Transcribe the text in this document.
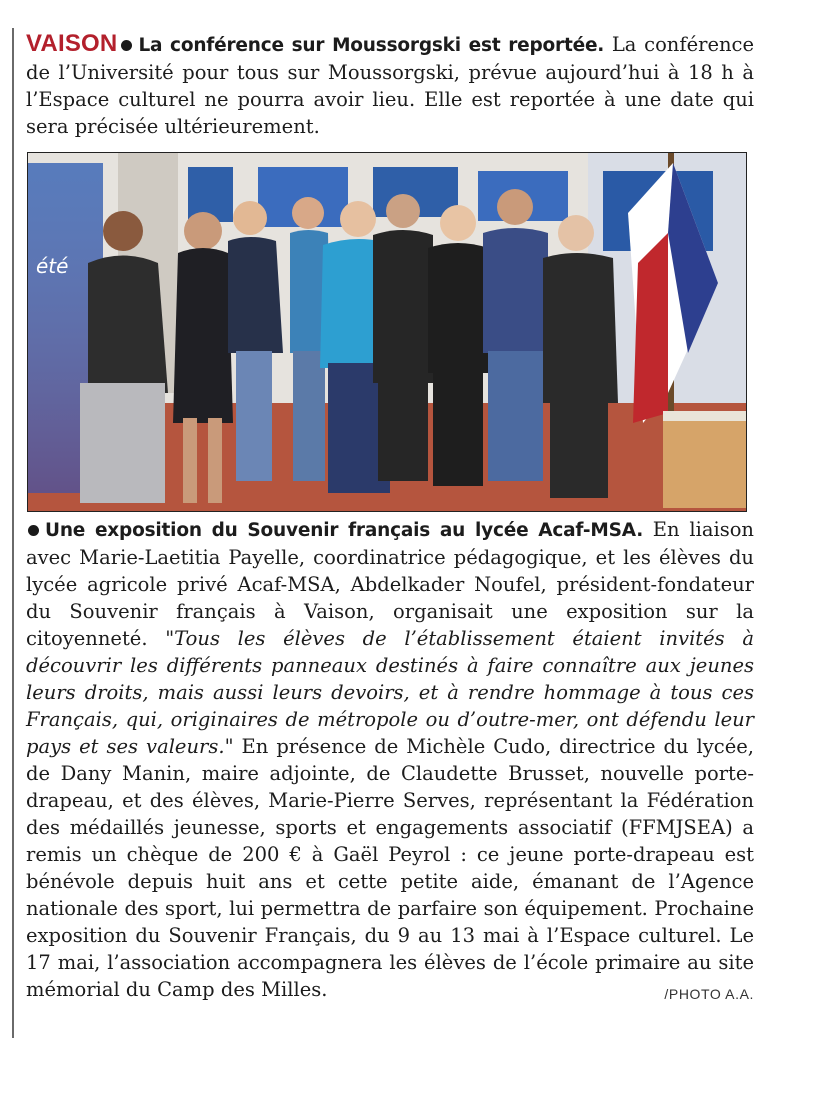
VAISON La conférence sur Moussorgski est reportée. La conférence de l’Université pour tous sur Moussorgski, prévue aujourd’hui à 18 h à l’Espace culturel ne pourra avoir lieu. Elle est reportée à une date qui sera précisée ultérieurement.

été

Une exposition du Souvenir français au lycée Acaf-MSA. En liaison avec Marie-Laetitia Payelle, coordinatrice pédagogique, et les élèves du lycée agricole privé Acaf-MSA, Abdelkader Noufel, président-fondateur du Souvenir français à Vaison, organisait une exposition sur la citoyenneté. "Tous les élèves de l’établissement étaient invités à découvrir les différents panneaux destinés à faire connaître aux jeunes leurs droits, mais aussi leurs devoirs, et à rendre hommage à tous ces Français, qui, originaires de métropole ou d’outre-mer, ont défendu leur pays et ses valeurs." En présence de Michèle Cudo, directrice du lycée, de Dany Manin, maire adjointe, de Claudette Brusset, nouvelle porte-drapeau, et des élèves, Marie-Pierre Serves, représentant la Fédération des médaillés jeunesse, sports et engagements associatif (FFMJSEA) a remis un chèque de 200 € à Gaël Peyrol : ce jeune porte-drapeau est bénévole depuis huit ans et cette petite aide, émanant de l’Agence nationale des sport, lui permettra de parfaire son équipement. Prochaine exposition du Souvenir Français, du 9 au 13 mai à l’Espace culturel. Le 17 mai, l’association accompagnera les élèves de l’école primaire au site mémorial du Camp des Milles.	/PHOTO A.A.
